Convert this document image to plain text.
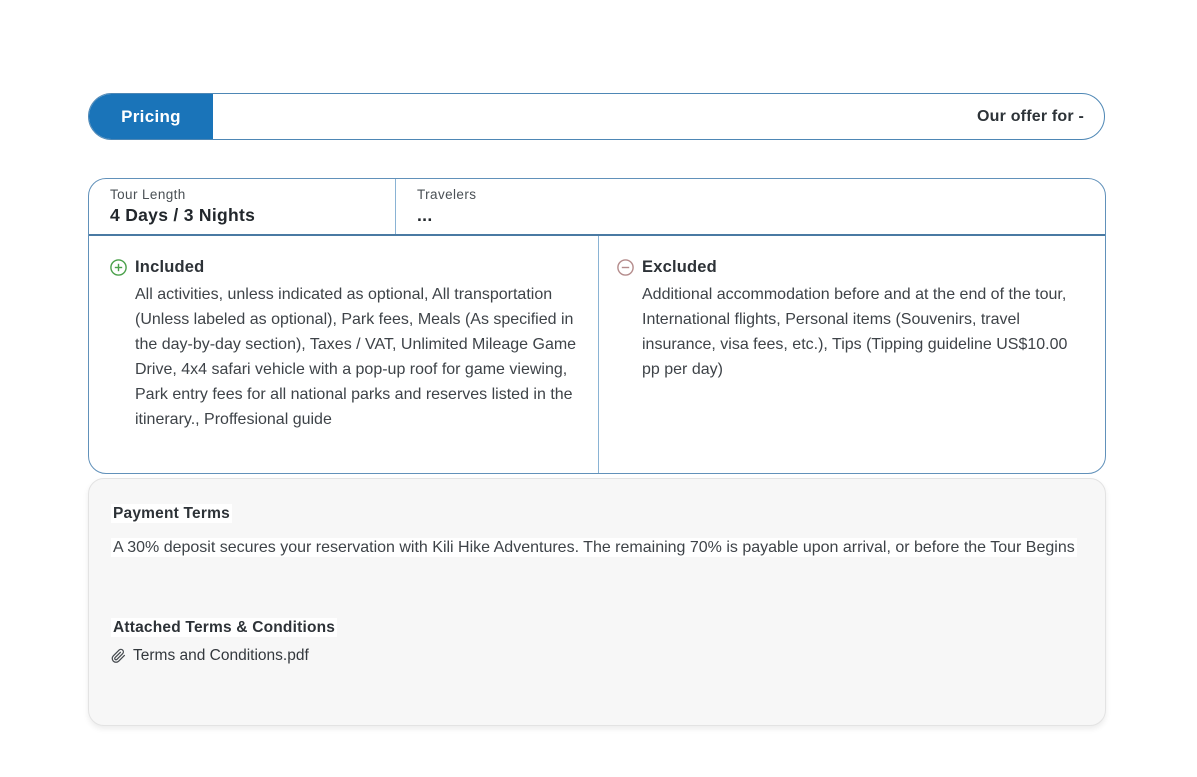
Pricing	Our offer for -
Tour Length
4 Days / 3 Nights
Travelers
...
Included
All activities, unless indicated as optional, All transportation (Unless labeled as optional), Park fees, Meals (As specified in the day-by-day section), Taxes / VAT, Unlimited Mileage Game Drive, 4x4 safari vehicle with a pop-up roof for game viewing, Park entry fees for all national parks and reserves listed in the itinerary., Proffesional guide
Excluded
Additional accommodation before and at the end of the tour, International flights, Personal items (Souvenirs, travel insurance, visa fees, etc.), Tips (Tipping guideline US$10.00 pp per day)
Payment Terms
A 30% deposit secures your reservation with Kili Hike Adventures. The remaining 70% is payable upon arrival, or before the Tour Begins
Attached Terms & Conditions
Terms and Conditions.pdf
